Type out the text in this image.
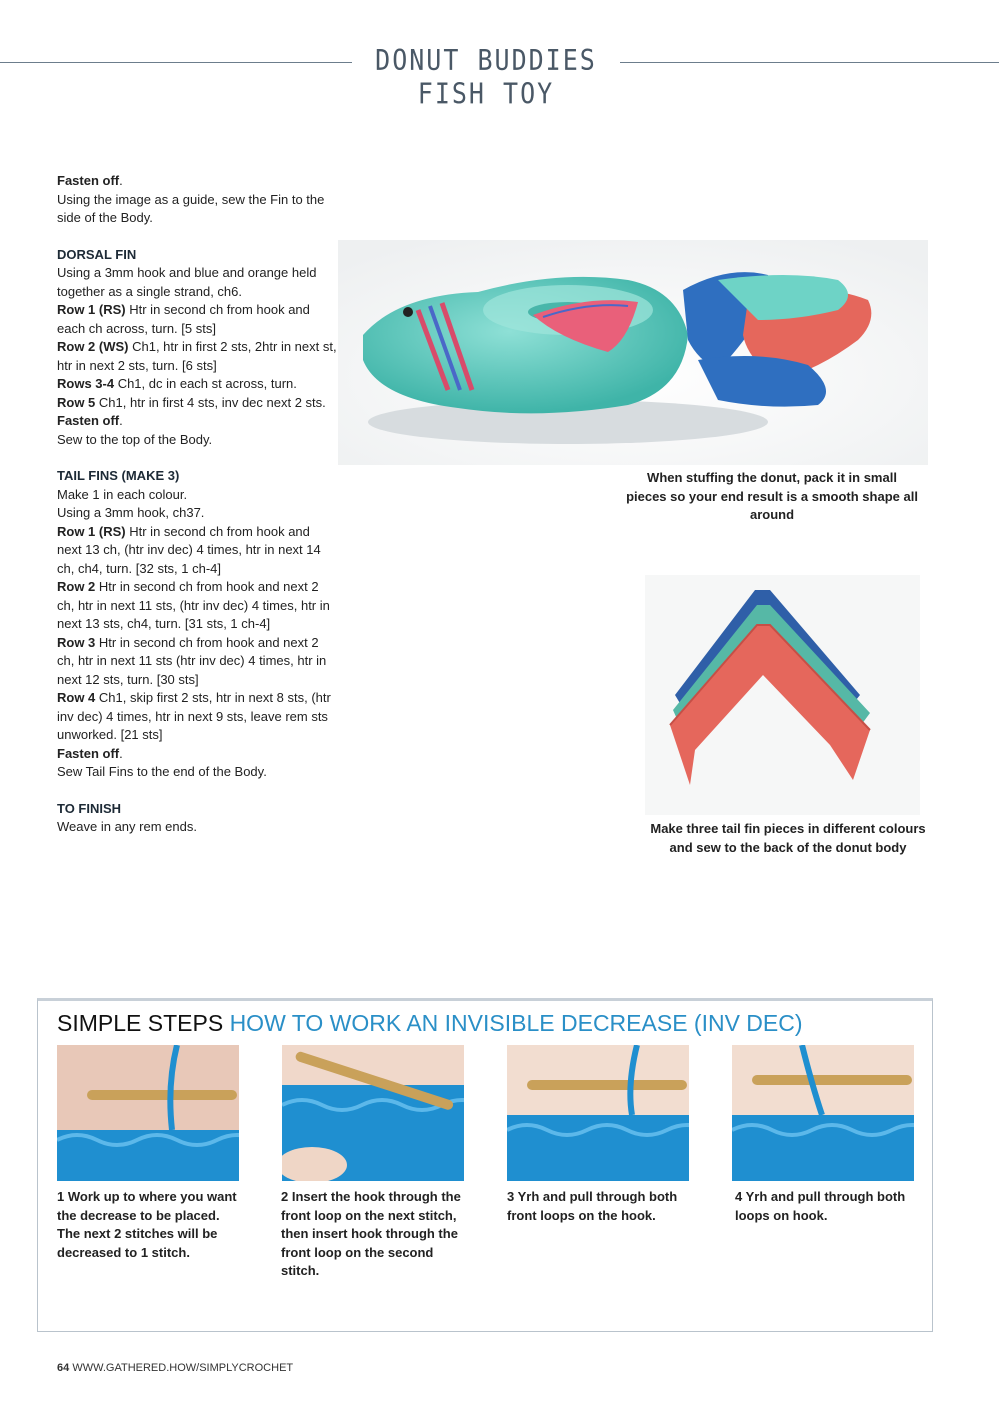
DONUT BUDDIES FISH TOY

Fasten off.

Using the image as a guide, sew the Fin to the side of the Body.

DORSAL FIN

Using a 3mm hook and blue and orange held together as a single strand, ch6.

Row 1 (RS) Htr in second ch from hook and each ch across, turn. [5 sts]

Row 2 (WS) Ch1, htr in first 2 sts, 2htr in next st, htr in next 2 sts, turn. [6 sts]

Rows 3-4 Ch1, dc in each st across, turn.

Row 5 Ch1, htr in first 4 sts, inv dec next 2 sts.

Fasten off.

Sew to the top of the Body.

TAIL FINS (MAKE 3)

Make 1 in each colour.

Using a 3mm hook, ch37.

Row 1 (RS) Htr in second ch from hook and next 13 ch, (htr inv dec) 4 times, htr in next 14 ch, ch4, turn. [32 sts, 1 ch-4]

Row 2 Htr in second ch from hook and next 2 ch, htr in next 11 sts, (htr inv dec) 4 times, htr in next 13 sts, ch4, turn. [31 sts, 1 ch-4]

Row 3 Htr in second ch from hook and next 2 ch, htr in next 11 sts (htr inv dec) 4 times, htr in next 12 sts, turn. [30 sts]

Row 4 Ch1, skip first 2 sts, htr in next 8 sts, (htr inv dec) 4 times, htr in next 9 sts, leave rem sts unworked. [21 sts]

Fasten off.

Sew Tail Fins to the end of the Body.

TO FINISH

Weave in any rem ends.

When stuffing the donut, pack it in small pieces so your end result is a smooth shape all around
Make three tail fin pieces in different colours and sew to the back of the donut body
SIMPLE STEPS HOW TO WORK AN INVISIBLE DECREASE (INV DEC)
1 Work up to where you want the decrease to be placed. The next 2 stitches will be decreased to 1 stitch.
2 Insert the hook through the front loop on the next stitch, then insert hook through the front loop on the second stitch.
3 Yrh and pull through both front loops on the hook.
4 Yrh and pull through both loops on hook.
64 WWW.GATHERED.HOW/SIMPLYCROCHET
